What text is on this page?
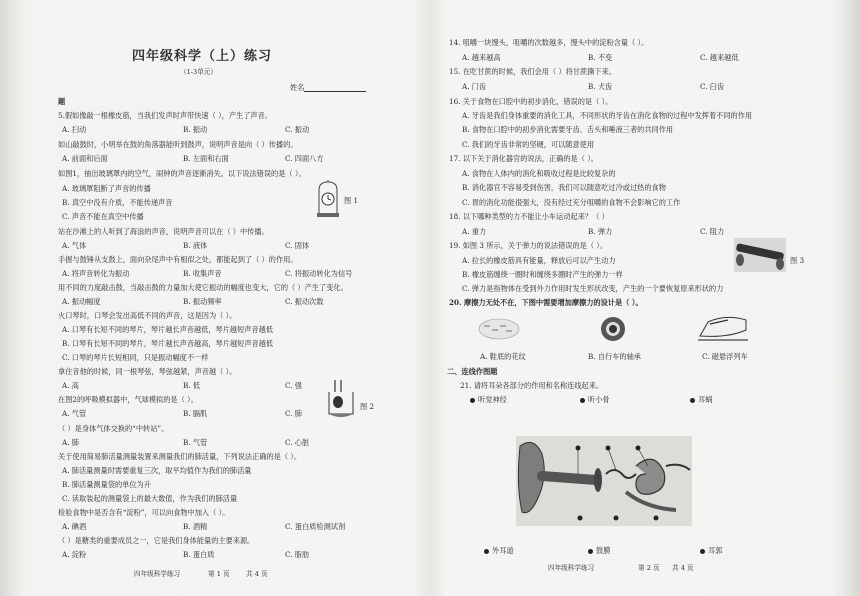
四年级科学（上）练习
（1-3单元）
姓名
题
5.假如像敲一根橡皮筋，当我们发声时声带快速（ ），产生了声音。
A. 扫动	B. 振动	C. 振动
如山敲鼓时，小明举在鼓的角落器能听到鼓声，说明声音是向（ ）传播的。
A. 前面和后面	B. 左面和右面	C. 四面八方
如图1，抽出玻璃罩内的空气，闹钟的声音逐渐消失。以下说法错误的是（ ）。
A. 玻璃罩阻断了声音的传播
B. 真空中没有介质，不能传递声音
C. 声音不能在真空中传播
图 1
站在沙滩上的人听到了海浪的声音，说明声音可以在（ ）中传播。
A. 气体	B. 液体	C. 固体
手握与鼓锤从支鼓上，面向杂尾声中有相似之处，都能起到了（ ）的作用。
A. 将声音转化为振动	B. 收集声音	C. 将振动转化为信号
用不同的力度敲击鼓，当敲击鼓的力量加大使它振动的幅度也变大，它的（ ）产生了变化。
A. 振动幅度	B. 振动频率	C. 振动次数
火口琴时，口琴会发出高低不同的声音，这是因为（ ）。
A. 口琴有长短不同的琴片，琴片越长声音越低，琴片越短声音越低
B. 口琴有长短不同的琴片，琴片越长声音越高，琴片越短声音越低
C. 口琴的琴片长短相同，只是振动幅度不一样
拿住音他的时候，同一根琴弦，琴弦越紧，声音越（ ）。
A. 高	B. 低	C. 强
在图2的呼吸模拟器中，气球模拟的是（ ）。
A. 气管	B. 膈肌	C. 肺
图 2
（ ）是身体气体交换的“中转站”。
A. 肺	B. 气管	C. 心脏
关于使用简易肺活量测量装置来测量我们的肺活量，下列说法正确的是（ ）。
A. 肺活量测量时需要重复三次，取平均值作为我们的肺活量
B. 肺活量测量袋的单位为升
C. 读取装起的测量袋上的最大数值，作为我们的肺活量
检验食物中是否含有“淀粉”，可以向食物中加入（ ）。
A. 碘酒	B. 酒精	C. 蛋白质检测试剂
（ ）是糖类的重要成员之一，它是我们身体能量的主要来源。
A. 淀粉	B. 蛋白质	C. 脂肪
四年级科学练习	第 1 页 共 4 页
14. 咀嚼一块馒头，咀嚼的次数越多，馒头中的淀粉含量（ ）。
A. 越来越高	B. 不变	C. 越来越低
15. 在吃甘蔗的时候，我们会用（ ）将甘蔗撕下来。
A. 门齿	B. 犬齿	C. 臼齿
16. 关于食物在口腔中的初步消化，错误的是（ ）。
A. 牙齿是我们身体重要的消化工具，不同形状的牙齿在消化食物的过程中发挥着不同的作用
B. 食物在口腔中的初步消化需要牙齿、舌头和唾液三者的共同作用
C. 我们的牙齿非常的坚硬，可以随意使用
17. 以下关于消化器官的说法，正确的是（ ）。
A. 食物在人体内的消化和吸收过程是比较复杂的
B. 消化器官不容易受到伤害，我们可以随意吃过冷或过热的食物
C. 胃的消化功能很强大，没有经过充分咀嚼的食物不会影响它的工作
18. 以下哪种类型的力不能让小车运动起来？（ ）
A. 重力	B. 弹力	C. 阻力
19. 如图 3 所示，关于弹力的说法错误的是（ ）。
A. 拉长的橡皮筋具有能量，释放后可以产生动力
B. 橡皮筋缠绕一圈时和缠绕多圈时产生的弹力一样
C. 弹力是指物体在受到外力作用时发生形状改变，产生的一个要恢复原来形状的力
图 3
20. 摩擦力无处不在，下图中需要增加摩擦力的设计是（ ）。
A. 鞋底的花纹	B. 自行车的轴承	C. 磁悬浮列车
二、连线作图题
21. 请将耳朵各部分的作用和名称连线起来。
听觉神经	听小骨	耳蜗
外耳道	鼓膜	耳郭
四年级科学练习	第 2 页 共 4 页
